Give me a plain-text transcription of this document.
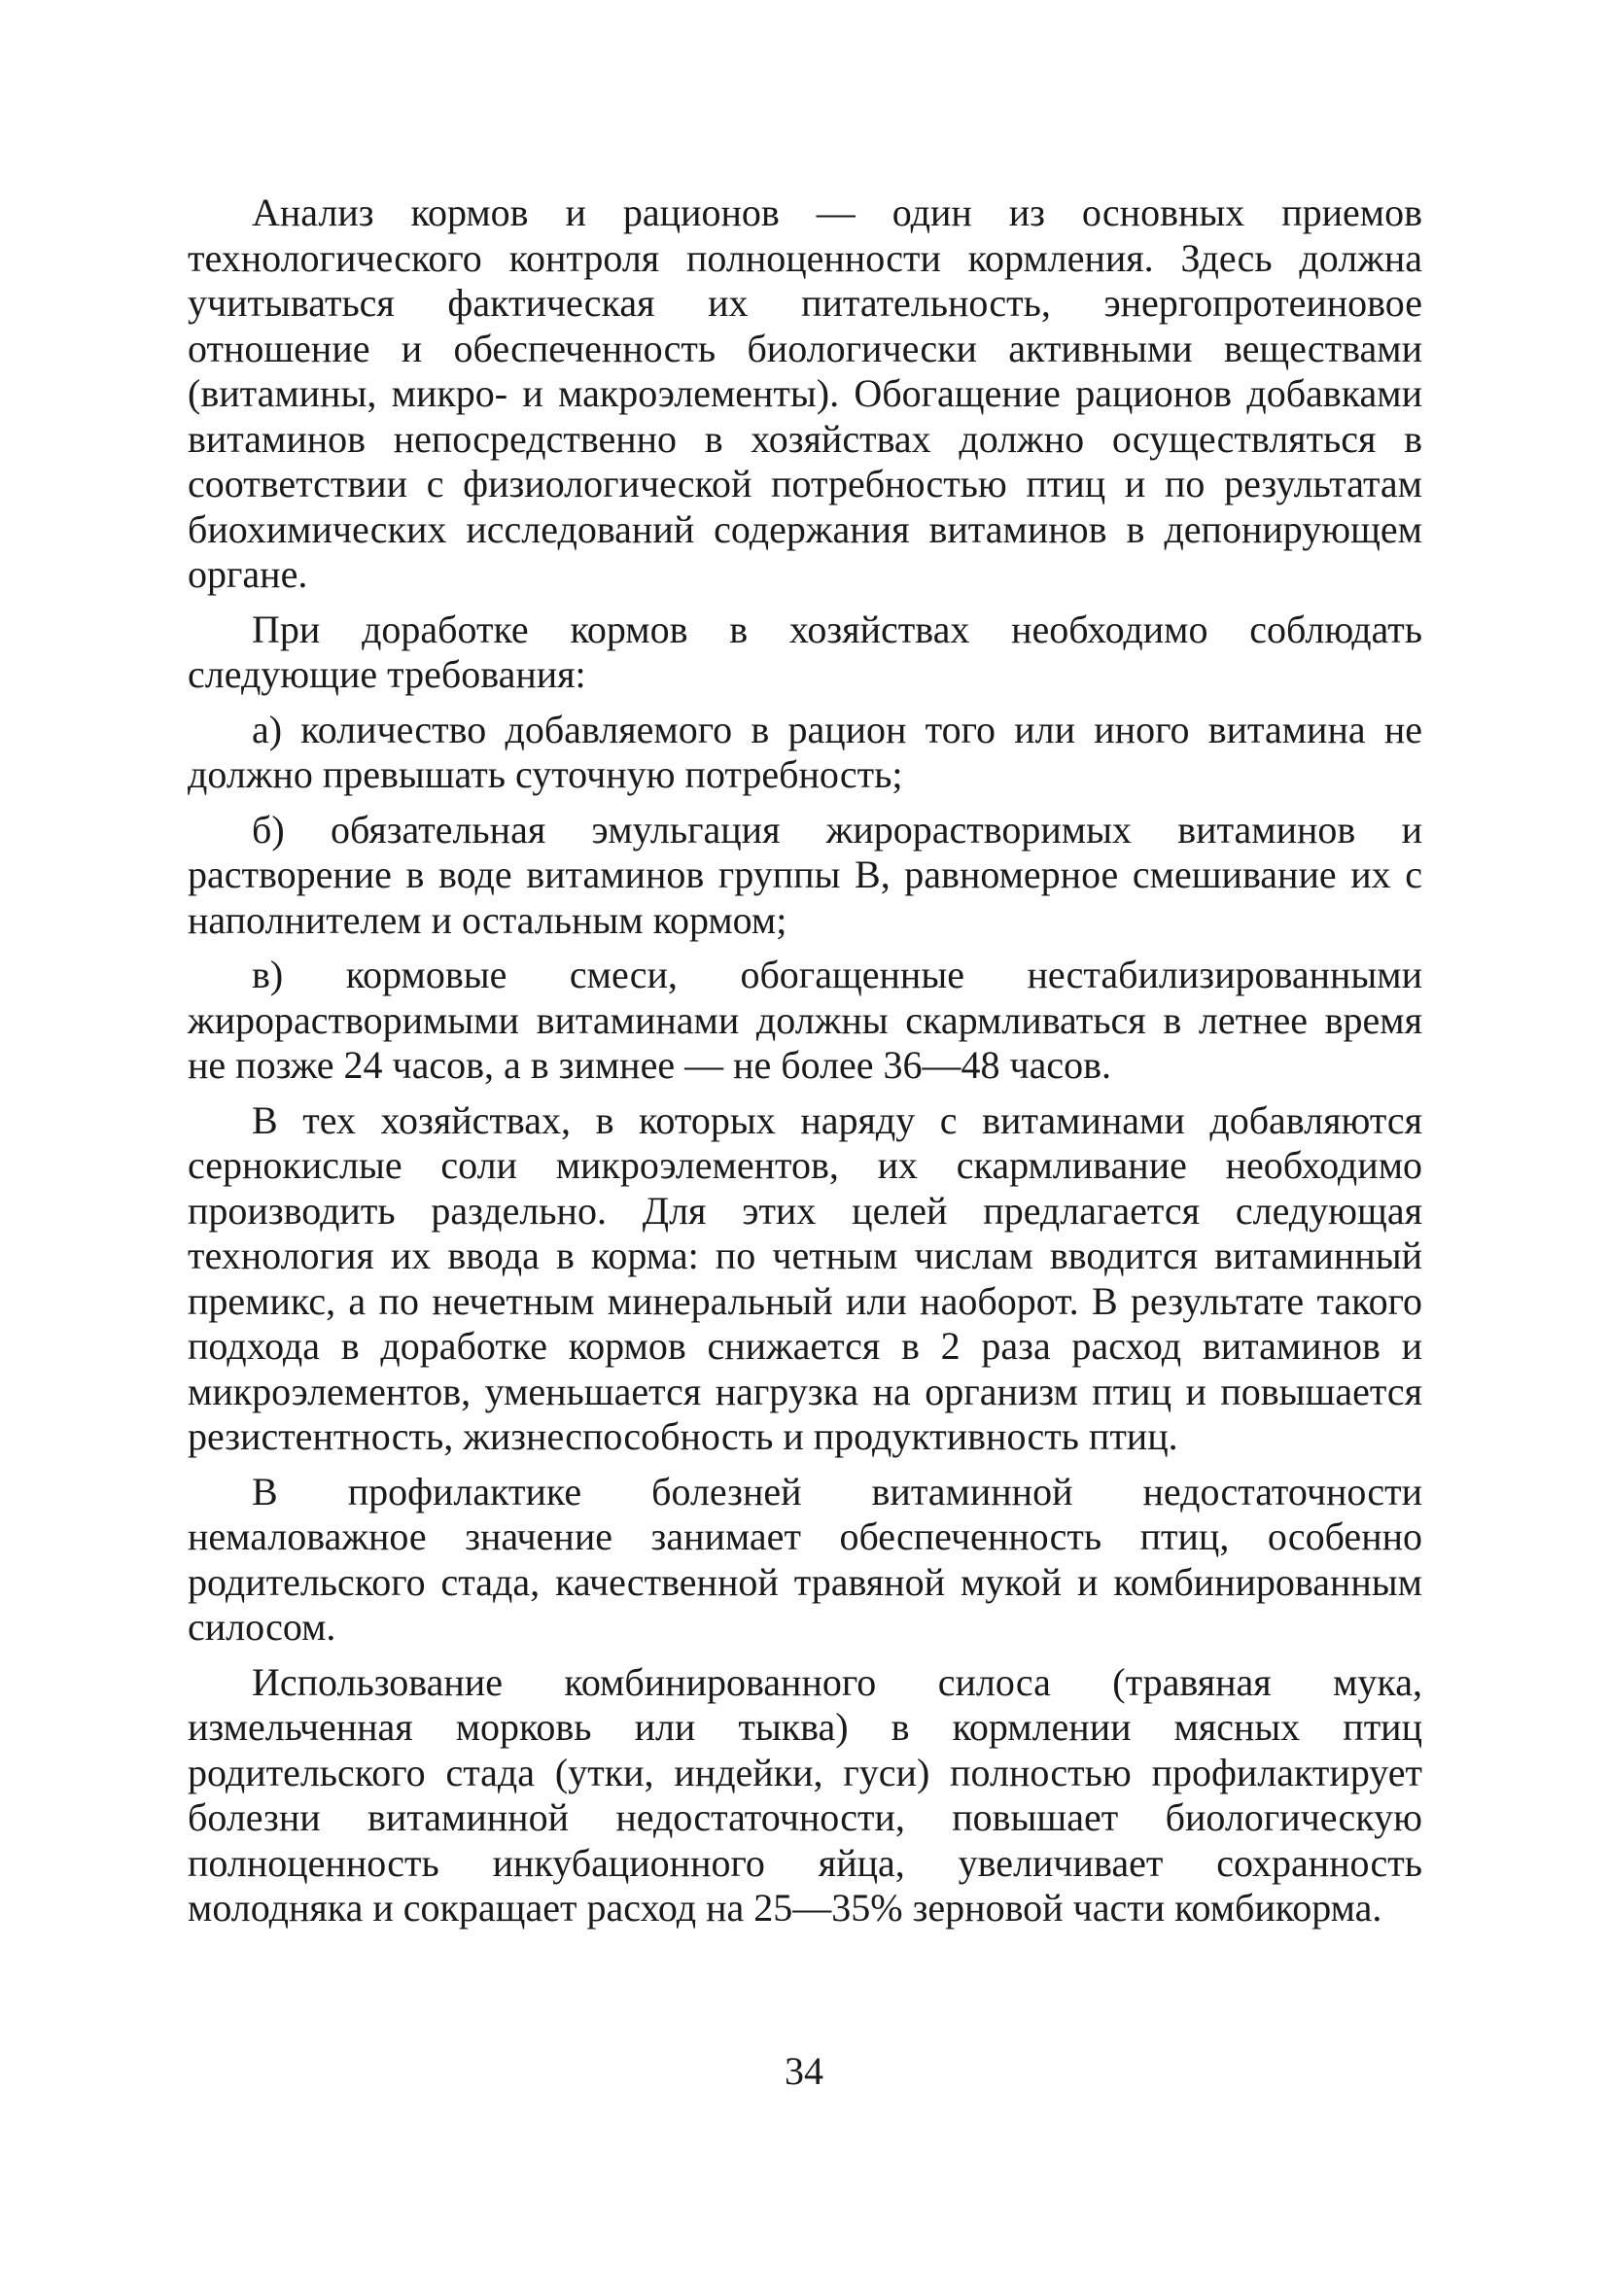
Анализ кормов и рационов — один из основных приемов технологического контроля полноценности кормления. Здесь должна учитываться фактическая их питательность, энергопротеиновое отношение и обеспеченность биологически активными веществами (витамины, микро- и макроэлементы). Обогащение рационов добавками витаминов непосредственно в хозяйствах должно осуществляться в соответствии с физиологической потребностью птиц и по результатам биохимических исследований содержания витаминов в депонирующем органе.

При доработке кормов в хозяйствах необходимо соблюдать следующие требования:

а) количество добавляемого в рацион того или иного витамина не должно превышать суточную потребность;

б) обязательная эмульгация жирорастворимых витаминов и растворение в воде витаминов группы В, равномерное смешивание их с наполнителем и остальным кормом;

в) кормовые смеси, обогащенные нестабилизированными жирорастворимыми витаминами должны скармливаться в летнее время не позже 24 часов, а в зимнее — не более 36—48 часов.

В тех хозяйствах, в которых наряду с витаминами добавляются сернокислые соли микроэлементов, их скармливание необходимо производить раздельно. Для этих целей предлагается следующая технология их ввода в корма: по четным числам вводится витаминный премикс, а по нечетным минеральный или наоборот. В результате такого подхода в доработке кормов снижается в 2 раза расход витаминов и микроэлементов, уменьшается нагрузка на организм птиц и повышается резистентность, жизнеспособность и продуктивность птиц.

В профилактике болезней витаминной недостаточности немаловажное значение занимает обеспеченность птиц, особенно родительского стада, качественной травяной мукой и комбинированным силосом.

Использование комбинированного силоса (травяная мука, измельченная морковь или тыква) в кормлении мясных птиц родительского стада (утки, индейки, гуси) полностью профилактирует болезни витаминной недостаточности, повышает биологическую полноценность инкубационного яйца, увеличивает сохранность молодняка и сокращает расход на 25—35% зерновой части комбикорма.

34
